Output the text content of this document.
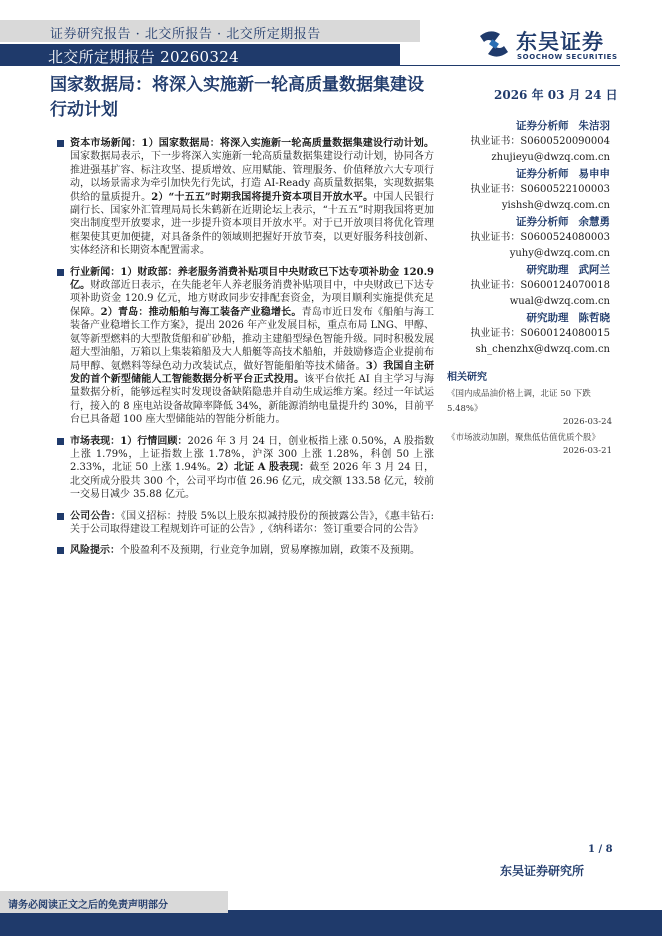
证券研究报告 · 北交所报告 · 北交所定期报告
北交所定期报告 20260324
东吴证券
SOOCHOW SECURITIES
国家数据局：将深入实施新一轮高质量数据集建设行动计划
2026 年 03 月 24 日
资本市场新闻：1）国家数据局：将深入实施新一轮高质量数据集建设行动计划。国家数据局表示，下一步将深入实施新一轮高质量数据集建设行动计划，协同各方推进强基扩容、标注攻坚、提质增效、应用赋能、管理服务、价值释放六大专项行动，以场景需求为牵引加快先行先试，打造 AI-Ready 高质量数据集，实现数据集供给的量质提升。2）“十五五”时期我国将提升资本项目开放水平。中国人民银行副行长、国家外汇管理局局长朱鹤新在近期论坛上表示，“十五五”时期我国将更加突出制度型开放要求，进一步提升资本项目开放水平。对于已开放项目将优化管理框架使其更加便捷，对具备条件的领域则把握好开放节奏，以更好服务科技创新、实体经济和长期资本配置需求。
行业新闻：1）财政部：养老服务消费补贴项目中央财政已下达专项补助金 120.9 亿。财政部近日表示，在失能老年人养老服务消费补贴项目中，中央财政已下达专项补助资金 120.9 亿元，地方财政同步安排配套资金，为项目顺利实施提供充足保障。2）青岛：推动船舶与海工装备产业稳增长。青岛市近日发布《船舶与海工装备产业稳增长工作方案》，提出 2026 年产业发展目标，重点布局 LNG、甲醇、氨等新型燃料的大型散货船和矿砂船，推动主建船型绿色智能升级。同时积极发展超大型油船，万箱以上集装箱船及大人船艇等高技术船舶，并鼓励修造企业提前布局甲醇、氨燃料等绿色动力改装试点，做好智能船舶等技术储备。3）我国自主研发的首个新型储能人工智能数据分析平台正式投用。该平台依托 AI 自主学习与海量数据分析，能够远程实时发现设备缺陷隐患并自动生成运维方案。经过一年试运行，接入的 8 座电站设备故障率降低 34%，新能源消纳电量提升约 30%，目前平台已具备超 100 座大型储能站的智能分析能力。
市场表现：1）行情回顾：2026 年 3 月 24 日，创业板指上涨 0.50%，A 股指数上涨 1.79%，上证指数上涨 1.78%，沪深 300 上涨 1.28%，科创 50 上涨 2.33%，北证 50 上涨 1.94%。2）北证 A 股表现：截至 2026 年 3 月 24 日，北交所成分股共 300 个，公司平均市值 26.96 亿元，成交额 133.58 亿元，较前一交易日减少 35.88 亿元。
公司公告：《国义招标：持股 5%以上股东拟减持股份的预披露公告》，《惠丰钻石:关于公司取得建设工程规划许可证的公告》,《纳科诺尔：签订重要合同的公告》
风险提示：个股盈利不及预期，行业竞争加剧，贸易摩擦加剧，政策不及预期。
证券分析师 朱洁羽
执业证书：S0600520090004
zhujieyu@dwzq.com.cn
证券分析师 易申申
执业证书：S0600522100003
yishsh@dwzq.com.cn
证券分析师 余慧勇
执业证书：S0600524080003
yuhy@dwzq.com.cn
研究助理 武阿兰
执业证书：S0600124070018
wual@dwzq.com.cn
研究助理 陈哲晓
执业证书：S0600124080015
sh_chenzhx@dwzq.com.cn
相关研究
《国内成品油价格上调，北证 50 下跌 5.48%》
2026-03-24
《市场波动加剧，聚焦低估值优质个股》
2026-03-21
1 / 8
东吴证券研究所
请务必阅读正文之后的免责声明部分
